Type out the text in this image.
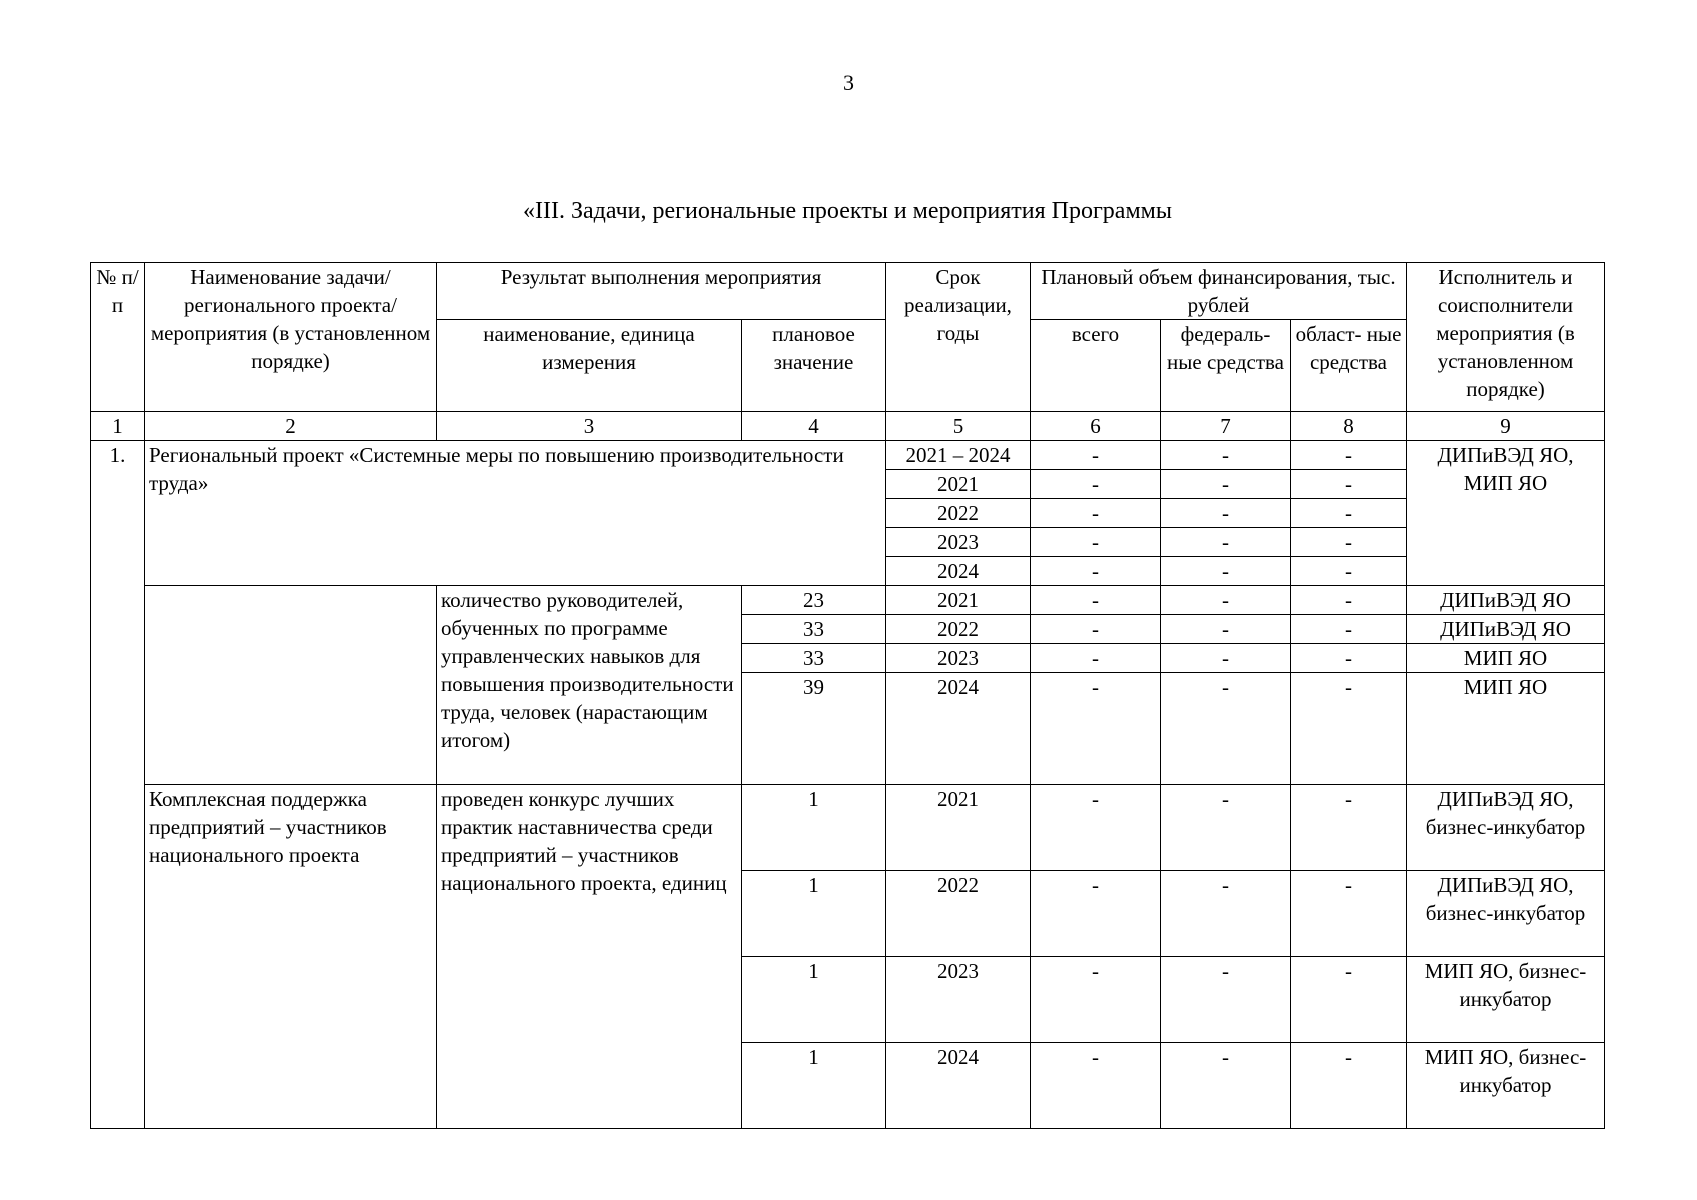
3
«III. Задачи, региональные проекты и мероприятия Программы
№ п/п	Наименование задачи/ регионального проекта/ мероприятия (в установленном порядке)	Результат выполнения мероприятия		Срок реализации, годы	Плановый объем финансирования, тыс. рублей			Исполнитель и соисполнители мероприятия (в установленном порядке)
		наименование, единица измерения	плановое значение		всего	федераль- ные средства	област- ные средства	
1	2	3	4	5	6	7	8	9
1.	Региональный проект «Системные меры по повышению производительности труда»			2021 – 2024	-	-	-	ДИПиВЭД ЯО, МИП ЯО
				2021	-	-	-	
				2022	-	-	-	
				2023	-	-	-	
				2024	-	-	-	
		количество руководителей, обученных по программе управленческих навыков для повышения производительности труда, человек (нарастающим итогом)	23	2021	-	-	-	ДИПиВЭД ЯО
			33	2022	-	-	-	ДИПиВЭД ЯО
			33	2023	-	-	-	МИП ЯО
			39	2024	-	-	-	МИП ЯО
	Комплексная поддержка предприятий – участников национального проекта	проведен конкурс лучших практик наставничества среди предприятий – участников национального проекта, единиц	1	2021	-	-	-	ДИПиВЭД ЯО, бизнес-инкубатор
			1	2022	-	-	-	ДИПиВЭД ЯО, бизнес-инкубатор
			1	2023	-	-	-	МИП ЯО, бизнес-инкубатор
			1	2024	-	-	-	МИП ЯО, бизнес-инкубатор
